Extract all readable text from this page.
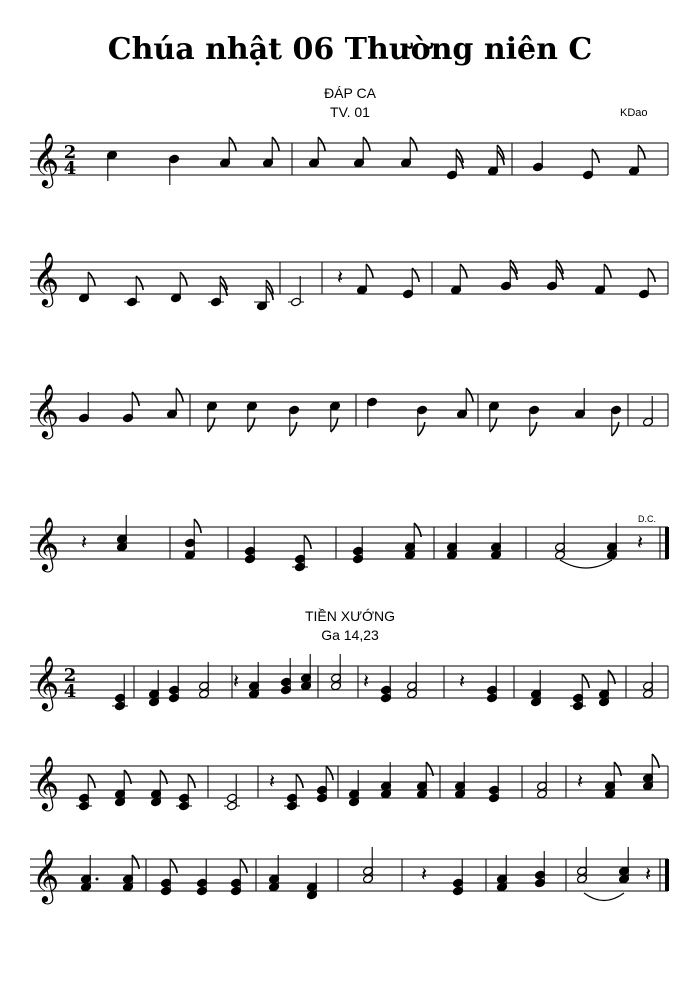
Chúa nhật 06 Thường niên C
ĐÁP CA
TV. 01	KDao
D.C.
TIỀN XƯỚNG
Ga 14,23
𝄞 2
4
𝄞	𝄽
𝄞
𝄞 𝄽	𝄽
𝄞 2
4	𝄽	𝄽	𝄽
𝄞	𝄽	𝄽
𝄞	𝄽	𝄽
